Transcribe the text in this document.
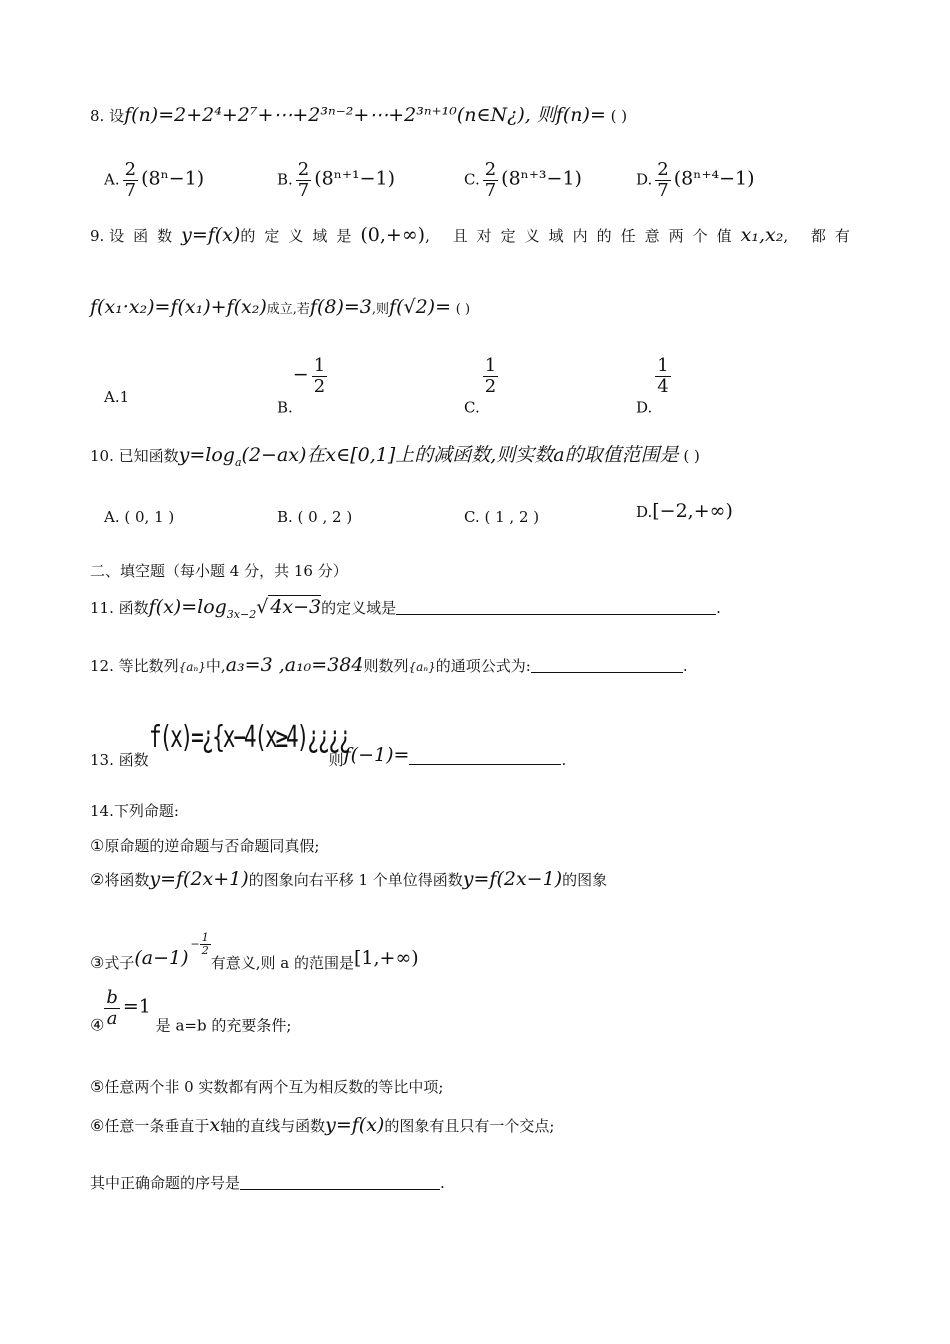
8. 设f(n)=2+2⁴+2⁷+⋯+2³ⁿ⁻²+⋯+2³ⁿ⁺¹⁰(n∈N¿), 则f(n)= ( )
A. $\frac{2}{7} (8^n-1)$	B. $\frac{2}{7} (8^{n+1}-1)$	C. $\frac{2}{7} (8^{n+3}-1)$	D. $\frac{2}{7} (8^{n+4}-1)$
9. 设函数y=f(x)的定义域是(0,+∞), 且对定义域内的任意两个值x₁,x₂, 都有
f(x₁·x₂)=f(x₁)+f(x₂)成立,若f(8)=3,则f(√2)= ( )
A.1
$B.- \frac{1}{2}$
C.
$\frac{1}{2}$
D.
$\frac{1}{4}$
10. 已知函数$y=\log_a(2-ax)$在x∈[0,1]上的减函数,则实数a的取值范围是 ( )
A. ( 0, 1 )	B. ( 0 , 2 )	C. ( 1 , 2 )	D.[−2,+∞)
二、填空题（每小题 4 分，共 16 分）
11. 函数$f(x)=\log_{3x-2}√$ 4x−3的定义域是	.
12. 等比数列{aₙ}中,a₃=3 ,a₁₀=384则数列{aₙ}的通项公式为:	.
13. 函数f(x)=¿{x−4(x≥4)¿¿¿¿则f(−1)=	.
14.下列命题:
①原命题的逆命题与否命题同真假;
②将函数y=f(2x+1)的图象向右平移 1 个单位得函数y=f(2x−1)的图象
③式子$(a-1)- \frac{1}{2}$
有意义,则 a 的范围是[1,+∞)
④ $\frac{b}{a} =1$ 是 a=b 的充要条件;
⑤任意两个非 0 实数都有两个互为相反数的等比中项;
⑥任意一条垂直于x轴的直线与函数y=f(x)的图象有且只有一个交点;
其中正确命题的序号是	.
